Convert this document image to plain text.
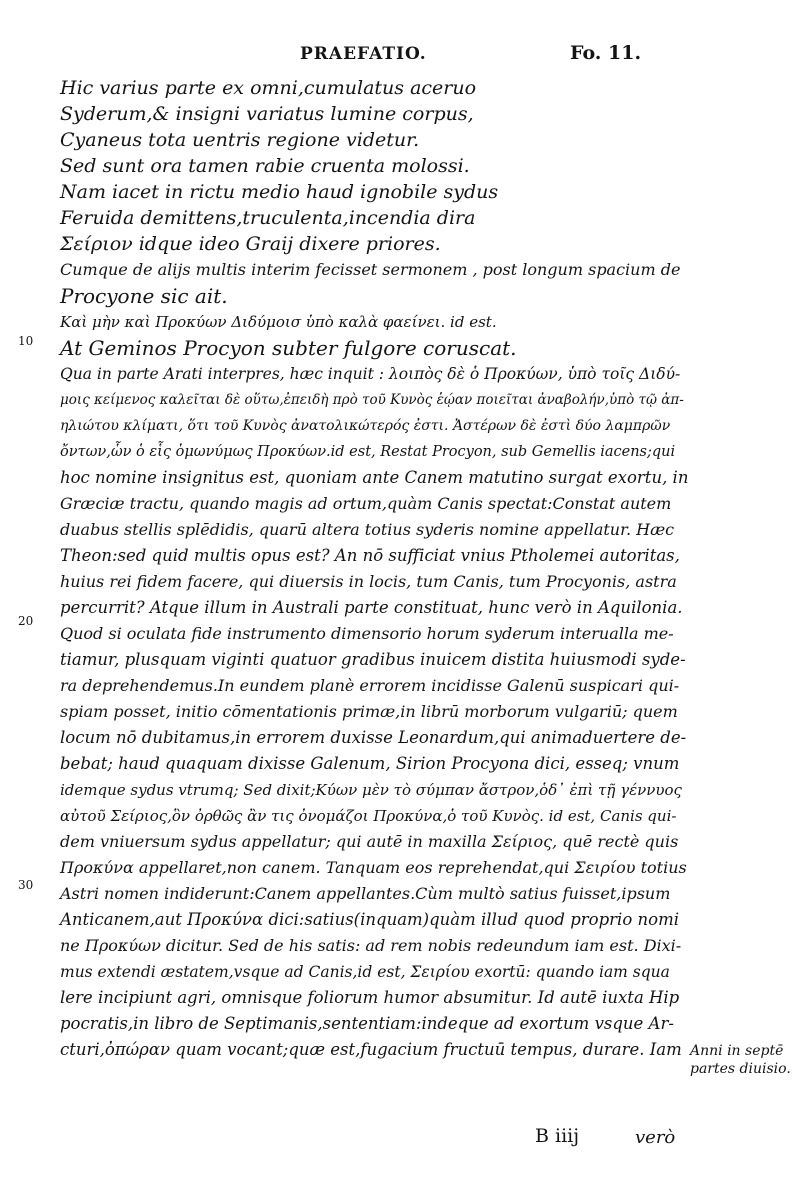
PRAEFATIO.	Fo. 11.
10
20
30
Hic varius parte ex omni,cumulatus aceruo
Syderum,& insigni variatus lumine corpus,
Cyaneus tota uentris regione videtur.
Sed sunt ora tamen rabie cruenta molossi.
Nam iacet in rictu medio haud ignobile sydus
Feruida demittens,truculenta,incendia dira
Σείριον idque ideo Graij dixere priores.
Cumque de alijs multis interim fecisset sermonem , post longum spacium de
Procyone sic ait.
Καὶ μὴν καὶ Προκύων Διδύμοισ ὑπὸ καλὰ φαείνει. id est.
At Geminos Procyon subter fulgore coruscat.
Qua in parte Arati interpres, hæc inquit : λοιπὸς δὲ ὁ Προκύων, ὑπὸ τοῖς Διδύ-
μοις κείμενος καλεῖται δὲ οὕτω,ἐπειδὴ πρὸ τοῦ Κυνὸς ἑῴαν ποιεῖται ἀναβολήν,ὑπὸ τῷ ἀπ-
ηλιώτου κλίματι, ὅτι τοῦ Κυνὸς ἀνατολικώτερός ἐστι. Ἀστέρων δὲ ἐστὶ δύο λαμπρῶν
ὄντων,ὧν ὁ εἷς ὁμωνύμως Προκύων.id est, Restat Procyon, sub Gemellis iacens;qui
hoc nomine insignitus est, quoniam ante Canem matutino surgat exortu, in
Græciæ tractu, quando magis ad ortum,quàm Canis spectat:Constat autem
duabus stellis splēdidis, quarū altera totius syderis nomine appellatur. Hæc
Theon:sed quid multis opus est? An nō sufficiat vnius Ptholemei autoritas,
huius rei fidem facere, qui diuersis in locis, tum Canis, tum Procyonis, astra
percurrit? Atque illum in Australi parte constituat, hunc verò in Aquilonia.
Quod si oculata fide instrumento dimensorio horum syderum interualla me-
tiamur, plusquam viginti quatuor gradibus inuicem distita huiusmodi syde-
ra deprehendemus.In eundem planè errorem incidisse Galenū suspicari qui-
spiam posset, initio cōmentationis primæ,in librū morborum vulgariū; quem
locum nō dubitamus,in errorem duxisse Leonardum,qui animaduertere de-
bebat; haud quaquam dixisse Galenum, Sirion Procyona dici, esseq; vnum
idemque sydus vtrumq; Sed dixit;Κύων μὲν τὸ σύμπαν ἄστρον,ὁδ᾽ ἐπὶ τῇ γέννυος
αὐτοῦ Σείριος,ὃν ὀρθῶς ἂν τις ὀνομάζοι Προκύνα,ὁ τοῦ Κυνὸς. id est, Canis qui-
dem vniuersum sydus appellatur; qui autē in maxilla Σείριος, quē rectè quis
Προκύνα appellaret,non canem. Tanquam eos reprehendat,qui Σειρίου totius
Astri nomen indiderunt:Canem appellantes.Cùm multò satius fuisset,ipsum
Anticanem,aut Προκύνα dici:satius(inquam)quàm illud quod proprio nomi
ne Προκύων dicitur. Sed de his satis: ad rem nobis redeundum iam est. Dixi-
mus extendi æstatem,vsque ad Canis,id est, Σειρίου exortū: quando iam squa
lere incipiunt agri, omnisque foliorum humor absumitur. Id autē iuxta Hip
pocratis,in libro de Septimanis,sententiam:indeque ad exortum vsque Ar-
cturi,ὀπώραν quam vocant;quæ est,fugacium fructuū tempus, durare. Iam Anni in septē
partes diuisio.
B iiij	verò
